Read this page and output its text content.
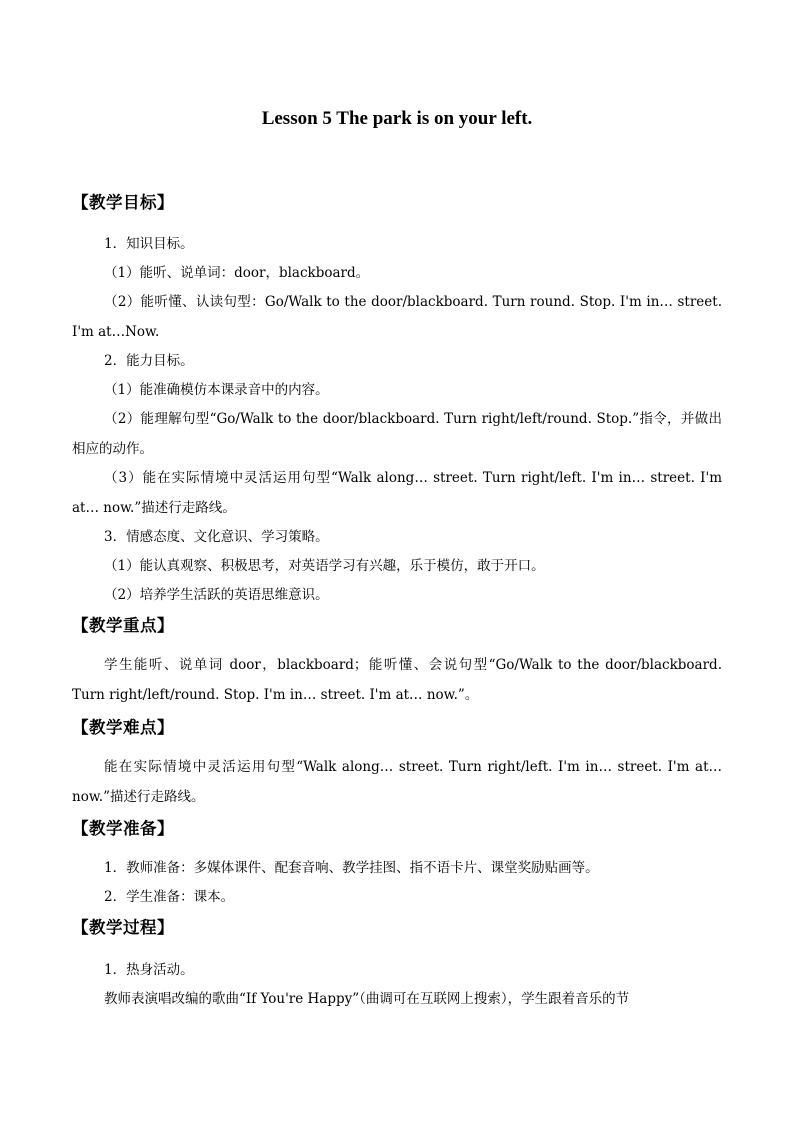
Lesson 5 The park is on your left.
【教学目标】
1．知识目标。
（1）能听、说单词：door，blackboard。
（2）能听懂、认读句型：Go/Walk to the door/blackboard. Turn round. Stop. I'm in… street. I'm at…Now.
2．能力目标。
（1）能准确模仿本课录音中的内容。
（2）能理解句型“Go/Walk to the door/blackboard. Turn right/left/round. Stop.”指令，并做出相应的动作。
（3）能在实际情境中灵活运用句型“Walk along… street. Turn right/left. I'm in… street. I'm at… now.”描述行走路线。
3．情感态度、文化意识、学习策略。
（1）能认真观察、积极思考，对英语学习有兴趣，乐于模仿，敢于开口。
（2）培养学生活跃的英语思维意识。
【教学重点】
学生能听、说单词 door，blackboard；能听懂、会说句型“Go/Walk to the door/blackboard. Turn right/left/round. Stop. I'm in… street. I'm at… now.”。
【教学难点】
能在实际情境中灵活运用句型“Walk along… street. Turn right/left. I'm in… street. I'm at… now.”描述行走路线。
【教学准备】
1．教师准备：多媒体课件、配套音响、教学挂图、指不语卡片、课堂奖励贴画等。
2．学生准备：课本。
【教学过程】
1．热身活动。
教师表演唱改编的歌曲“If You're Happy”（曲调可在互联网上搜索），学生跟着音乐的节
